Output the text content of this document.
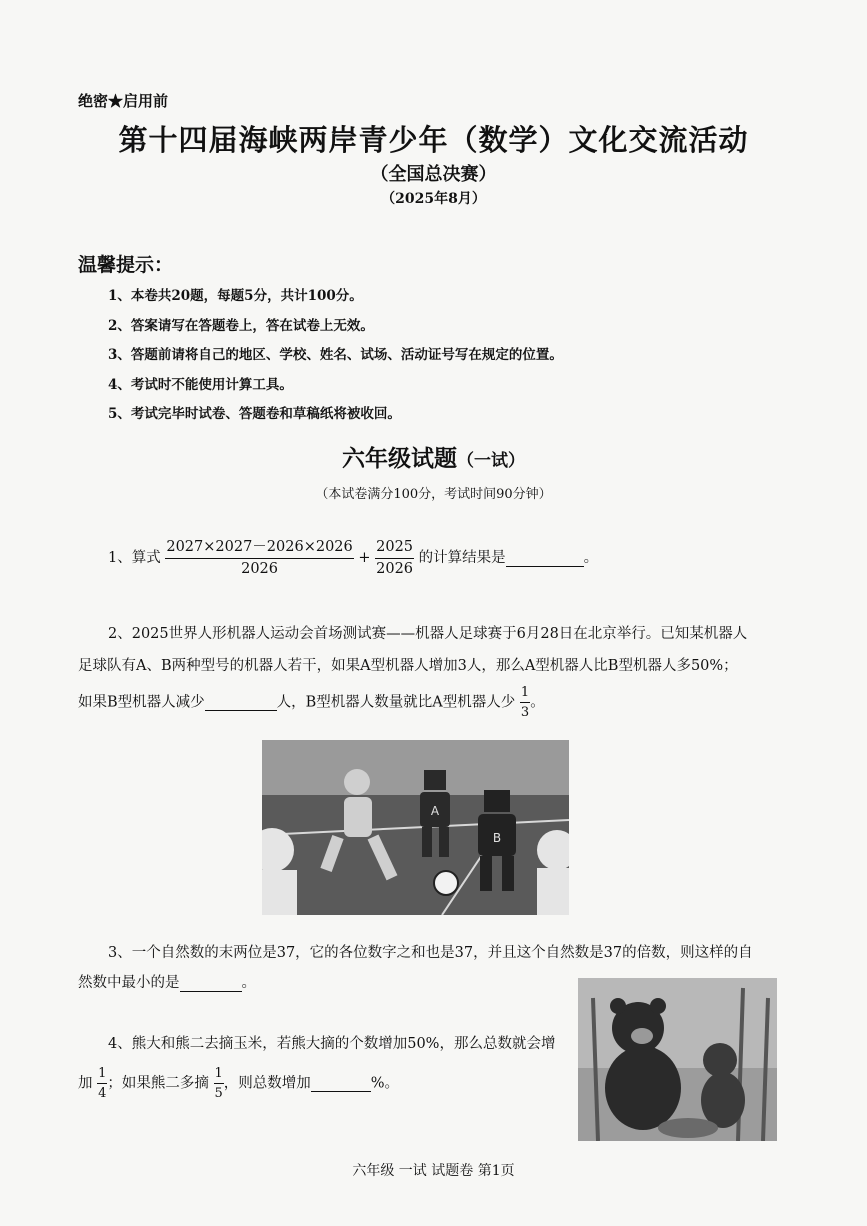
绝密★启用前
第十四届海峡两岸青少年（数学）文化交流活动
（全国总决赛）
（2025年8月）
温馨提示：
1、本卷共20题，每题5分，共计100分。
2、答案请写在答题卷上，答在试卷上无效。
3、答题前请将自己的地区、学校、姓名、试场、活动证号写在规定的位置。
4、考试时不能使用计算工具。
5、考试完毕时试卷、答题卷和草稿纸将被收回。
六年级试题（一试）
（本试卷满分100分，考试时间90分钟）
1、算式 $\frac{2027\times 2027-2026\times 2026}{2026} + \frac{2025}{2026}$ 的计算结果是	。
2、2025世界人形机器人运动会首场测试赛——机器人足球赛于6月28日在北京举行。已知某机器人
足球队有A、B两种型号的机器人若干，如果A型机器人增加3人，那么A型机器人比B型机器人多50%；
如果B型机器人减少	人，B型机器人数量就比A型机器人少 $\frac{1}{3}$ 。
A
B
3、一个自然数的末两位是37，它的各位数字之和也是37，并且这个自然数是37的倍数，则这样的自
然数中最小的是	。
4、熊大和熊二去摘玉米，若熊大摘的个数增加50%，那么总数就会增
加 $\frac{1}{4}$ ；如果熊二多摘 $\frac{1}{5}$ ，则总数增加	%。
六年级 一试 试题卷 第1页
